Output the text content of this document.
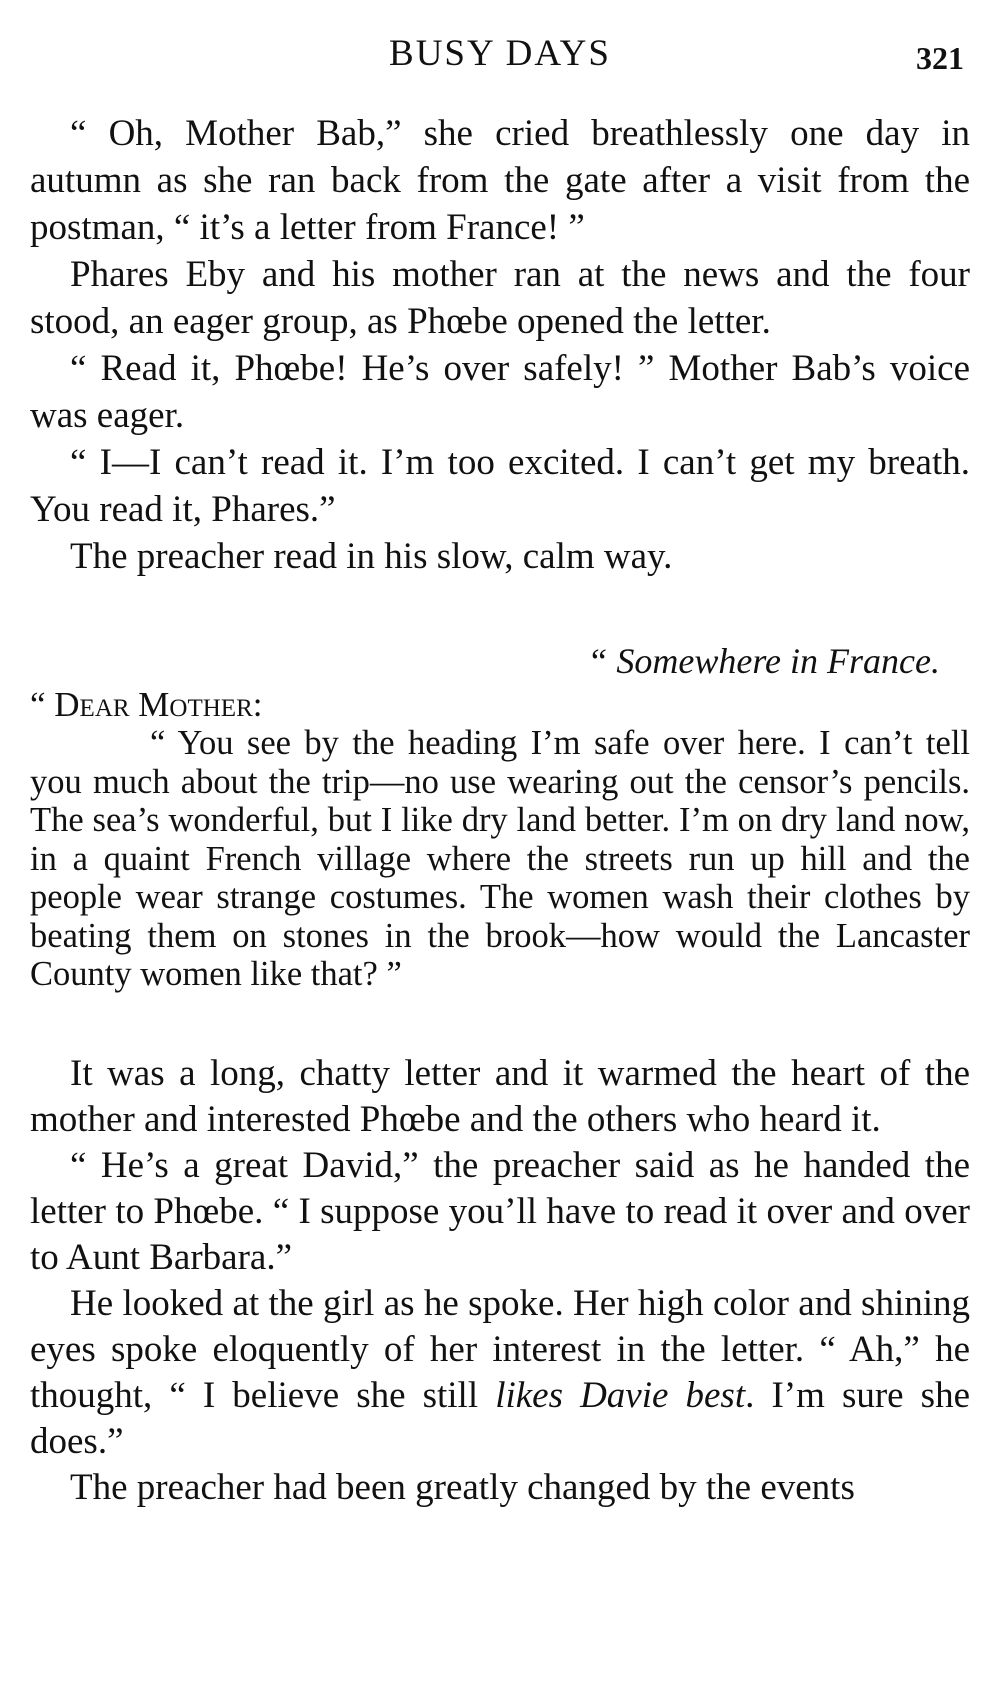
BUSY DAYS	321

“ Oh, Mother Bab,” she cried breathlessly one day in autumn as she ran back from the gate after a visit from the postman, “ it’s a letter from France! ”

Phares Eby and his mother ran at the news and the four stood, an eager group, as Phœbe opened the letter.

“ Read it, Phœbe! He’s over safely! ” Mother Bab’s voice was eager.

“ I—I can’t read it. I’m too excited. I can’t get my breath. You read it, Phares.”

The preacher read in his slow, calm way.

“ Somewhere in France.

“ Dear Mother:

“ You see by the heading I’m safe over here. I can’t tell you much about the trip—no use wearing out the censor’s pencils. The sea’s wonderful, but I like dry land better. I’m on dry land now, in a quaint French village where the streets run up hill and the people wear strange costumes. The women wash their clothes by beating them on stones in the brook—how would the Lancaster County women like that? ”

It was a long, chatty letter and it warmed the heart of the mother and interested Phœbe and the others who heard it.

“ He’s a great David,” the preacher said as he handed the letter to Phœbe. “ I suppose you’ll have to read it over and over to Aunt Barbara.”

He looked at the girl as he spoke. Her high color and shining eyes spoke eloquently of her interest in the letter. “ Ah,” he thought, “ I believe she still likes Davie best. I’m sure she does.”

The preacher had been greatly changed by the events
